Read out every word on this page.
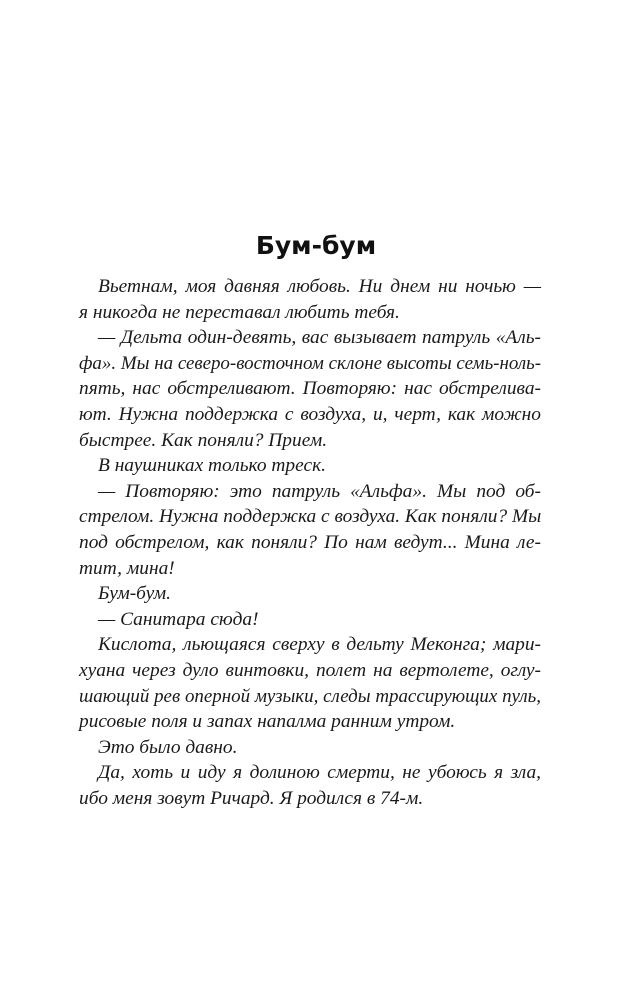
Бум-бум
Вьетнам, моя давняя любовь. Ни днем ни ночью —
я никогда не переставал любить тебя.
— Дельта один-девять, вас вызывает патруль «Аль-
фа». Мы на северо-восточном склоне высоты семь-ноль-
пять, нас обстреливают. Повторяю: нас обстрелива-
ют. Нужна поддержка с воздуха, и, черт, как можно
быстрее. Как поняли? Прием.
В наушниках только треск.
— Повторяю: это патруль «Альфа». Мы под об-
стрелом. Нужна поддержка с воздуха. Как поняли? Мы
под обстрелом, как поняли? По нам ведут... Мина ле-
тит, мина!
Бум-бум.
— Санитара сюда!
Кислота, льющаяся сверху в дельту Меконга; мари-
хуана через дуло винтовки, полет на вертолете, оглу-
шающий рев оперной музыки, следы трассирующих пуль,
рисовые поля и запах напалма ранним утром.
Это было давно.
Да, хоть и иду я долиною смерти, не убоюсь я зла,
ибо меня зовут Ричард. Я родился в 74-м.
